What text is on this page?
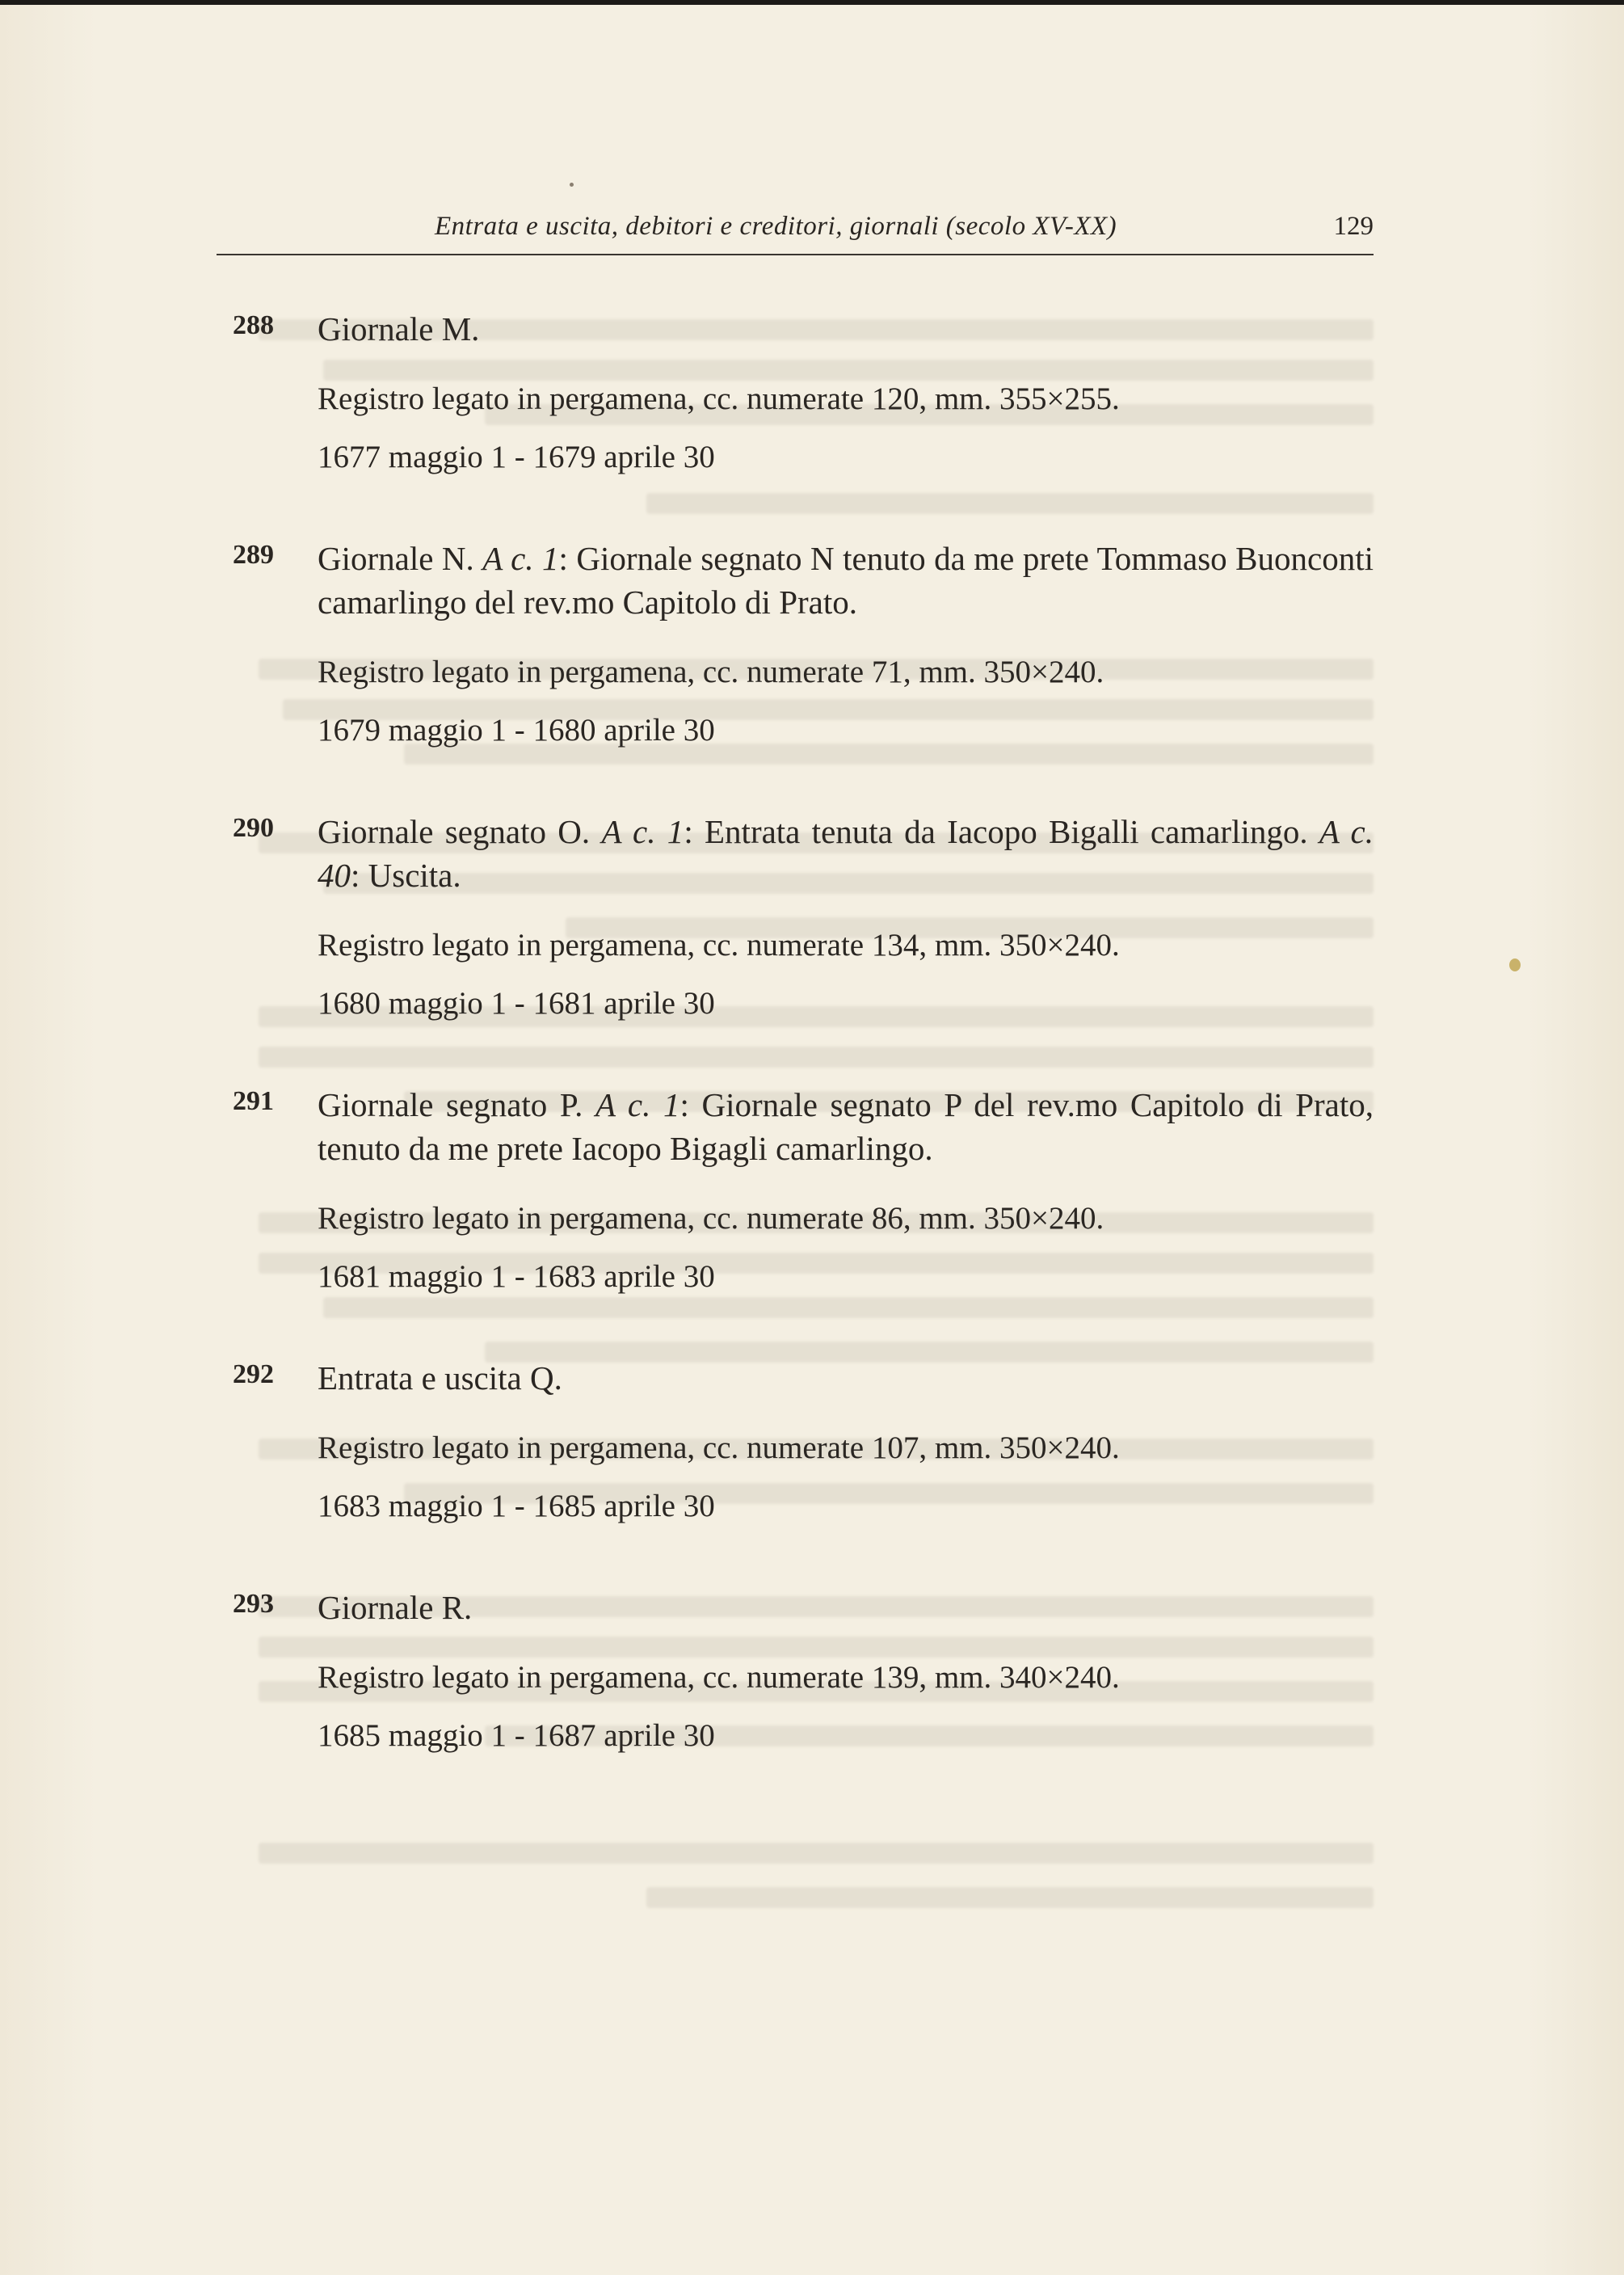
Entrata e uscita, debitori e creditori, giornali (secolo XV-XX)	129
288 Giornale M.
Registro legato in pergamena, cc. numerate 120, mm. 355×255.
1677 maggio 1 - 1679 aprile 30
289 Giornale N. A c. 1: Giornale segnato N tenuto da me prete Tommaso Buonconti camarlingo del rev.mo Capitolo di Prato.
Registro legato in pergamena, cc. numerate 71, mm. 350×240.
1679 maggio 1 - 1680 aprile 30
290 Giornale segnato O. A c. 1: Entrata tenuta da Iacopo Bigalli camarlingo. A c. 40: Uscita.
Registro legato in pergamena, cc. numerate 134, mm. 350×240.
1680 maggio 1 - 1681 aprile 30
291 Giornale segnato P. A c. 1: Giornale segnato P del rev.mo Capitolo di Prato, tenuto da me prete Iacopo Bigagli camarlingo.
Registro legato in pergamena, cc. numerate 86, mm. 350×240.
1681 maggio 1 - 1683 aprile 30
292 Entrata e uscita Q.
Registro legato in pergamena, cc. numerate 107, mm. 350×240.
1683 maggio 1 - 1685 aprile 30
293 Giornale R.
Registro legato in pergamena, cc. numerate 139, mm. 340×240.
1685 maggio 1 - 1687 aprile 30
